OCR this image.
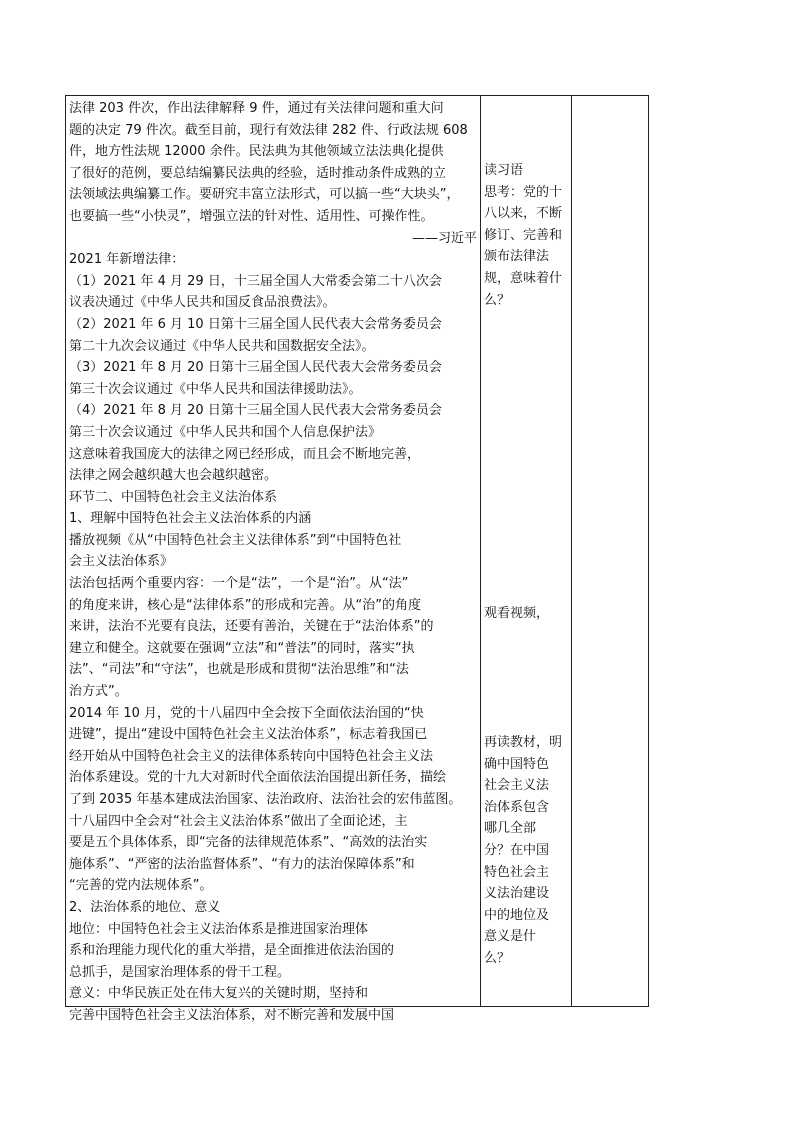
法律 203 件次，作出法律解释 9 件，通过有关法律问题和重大问
题的决定 79 件次。截至目前，现行有效法律 282 件、行政法规 608
件，地方性法规 12000 余件。民法典为其他领域立法法典化提供
了很好的范例，要总结编纂民法典的经验，适时推动条件成熟的立
法领域法典编纂工作。要研究丰富立法形式，可以搞一些“大块头”，
也要搞一些“小快灵”，增强立法的针对性、适用性、可操作性。
——习近平
2021 年新增法律：
（1）2021 年 4 月 29 日，十三届全国人大常委会第二十八次会
议表决通过《中华人民共和国反食品浪费法》。
（2）2021 年 6 月 10 日第十三届全国人民代表大会常务委员会
第二十九次会议通过《中华人民共和国数据安全法》。
（3）2021 年 8 月 20 日第十三届全国人民代表大会常务委员会
第三十次会议通过《中华人民共和国法律援助法》。
（4）2021 年 8 月 20 日第十三届全国人民代表大会常务委员会
第三十次会议通过《中华人民共和国个人信息保护法》
这意味着我国庞大的法律之网已经形成，而且会不断地完善，
法律之网会越织越大也会越织越密。
环节二、中国特色社会主义法治体系
1、理解中国特色社会主义法治体系的内涵
播放视频《从“中国特色社会主义法律体系”到“中国特色社
会主义法治体系》
法治包括两个重要内容：一个是“法”，一个是“治”。从“法”
的角度来讲，核心是“法律体系”的形成和完善。从“治”的角度
来讲，法治不光要有良法，还要有善治，关键在于“法治体系”的
建立和健全。这就要在强调“立法”和“普法”的同时，落实“执
法”、“司法”和“守法”，也就是形成和贯彻“法治思维”和“法
治方式”。
2014 年 10 月，党的十八届四中全会按下全面依法治国的“快
进键”，提出“建设中国特色社会主义法治体系”，标志着我国已
经开始从中国特色社会主义的法律体系转向中国特色社会主义法
治体系建设。党的十九大对新时代全面依法治国提出新任务，描绘
了到 2035 年基本建成法治国家、法治政府、法治社会的宏伟蓝图。
十八届四中全会对“社会主义法治体系”做出了全面论述，主
要是五个具体体系，即“完备的法律规范体系”、“高效的法治实
施体系”、“严密的法治监督体系”、“有力的法治保障体系”和
“完善的党内法规体系”。
2、法治体系的地位、意义
地位：中国特色社会主义法治体系是推进国家治理体
系和治理能力现代化的重大举措，是全面推进依法治国的
总抓手，是国家治理体系的骨干工程。
意义：中华民族正处在伟大复兴的关键时期，坚持和
完善中国特色社会主义法治体系，对不断完善和发展中国
读习语
思考：党的十
八以来，不断
修订、完善和
颁布法律法
规，意味着什
么？
观看视频，
再读教材，明
确中国特色
社会主义法
治体系包含
哪几全部
分？在中国
特色社会主
义法治建设
中的地位及
意义是什
么？
